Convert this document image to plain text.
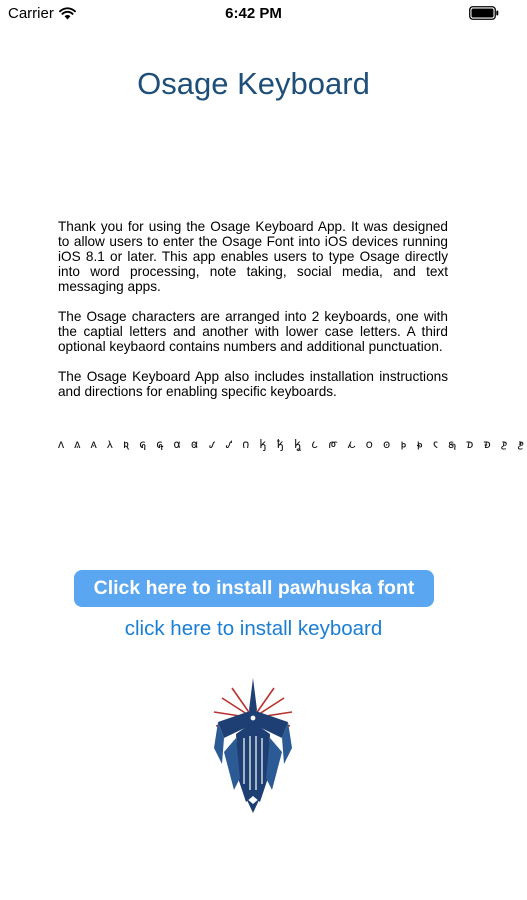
Carrier	6:42 PM
Osage Keyboard

Thank you for using the Osage Keyboard App. It was designed to allow users to enter the Osage Font into iOS devices running iOS 8.1 or later. This app enables users to type Osage directly into word processing, note taking, social media, and text messaging apps.

The Osage characters are arranged into 2 keyboards, one with the captial letters and another with lower case letters. A third optional keybaord contains numbers and additional punctuation.

The Osage Keyboard App also includes installation instructions and directions for enabling specific keyboards.

𐓘 𐓙 𐓚 𐓛 𐓜 𐓝 𐓞 𐓟 𐓠 𐓡 𐓢 𐓣 𐓤 𐓥 𐓦 𐓧 𐓨 𐓩 𐓪 𐓫 𐓬 𐓭 𐓮 𐓯 𐓰 𐓱 𐓲 𐓳
Click here to install pawhuska font
click here to install keyboard
